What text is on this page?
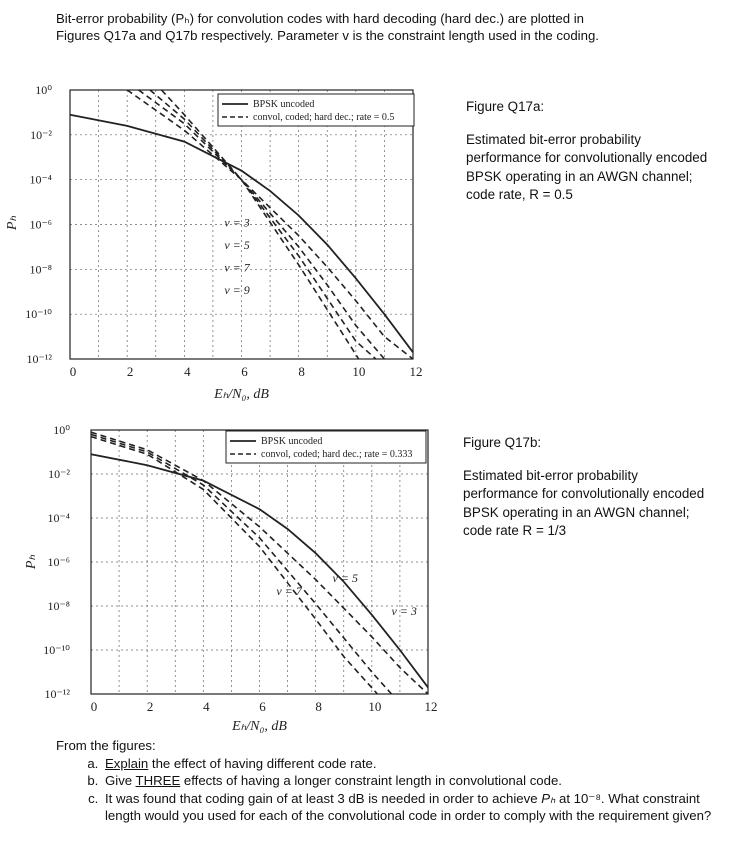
Bit-error probability (Pₕ) for convolution codes with hard decoding (hard dec.) are plotted in
Figures Q17a and Q17b respectively. Parameter v is the constraint length used in the coding.
Figure Q17a:
Estimated bit-error probability performance for convolutionally encoded BPSK operating in an AWGN channel; code rate, R = 0.5
Figure Q17b:
Estimated bit-error probability performance for convolutionally encoded BPSK operating in an AWGN channel; code rate R = 1/3
0	2	4	6	8	10	12
10⁰
10⁻²
10⁻⁴
10⁻⁶
10⁻⁸
10⁻¹⁰
10⁻¹²
Eₕ/N₀, dB
Pₕ	v = 3
v = 5
v = 7
v = 9
BPSK uncoded
convol, coded; hard dec.; rate = 0.5
0	2	4	6	8	10	12
10⁰
10⁻²
10⁻⁴
10⁻⁶
10⁻⁸
10⁻¹⁰
10⁻¹²
Eₕ/N₀, dB
Pₕ
v = 3
v = 5
v = 7
BPSK uncoded
convol, coded; hard dec.; rate = 0.333
From the figures:
a. Explain the effect of having different code rate.
b. Give THREE effects of having a longer constraint length in convolutional code.
c. It was found that coding gain of at least 3 dB is needed in order to achieve Pₕ at 10⁻⁸. What constraint length would you used for each of the convolutional code in order to comply with the requirement given?
